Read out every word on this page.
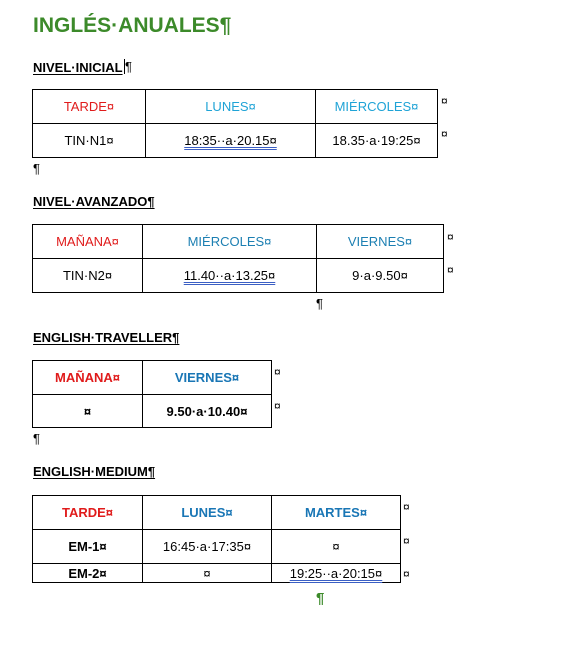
INGLÉS·ANUALES¶
NIVEL·INICIAL ¶
TARDE¤	LUNES¤	MIÉRCOLES¤
TIN·N1¤	18:35··a·20.15¤	18.35·a·19:25¤
¤
¤
¶
NIVEL·AVANZADO¶
MAÑANA¤	MIÉRCOLES¤	VIERNES¤
TIN·N2¤	11.40··a·13.25¤	9·a·9.50¤
¤
¤
¶
ENGLISH·TRAVELLER¶
MAÑANA¤	VIERNES¤
¤	9.50·a·10.40¤
¤
¤
¶
ENGLISH·MEDIUM¶
TARDE¤	LUNES¤	MARTES¤
EM-1¤	16:45·a·17:35¤	¤
EM-2¤	¤	19:25··a·20:15¤
¤
¤
¤
¶
